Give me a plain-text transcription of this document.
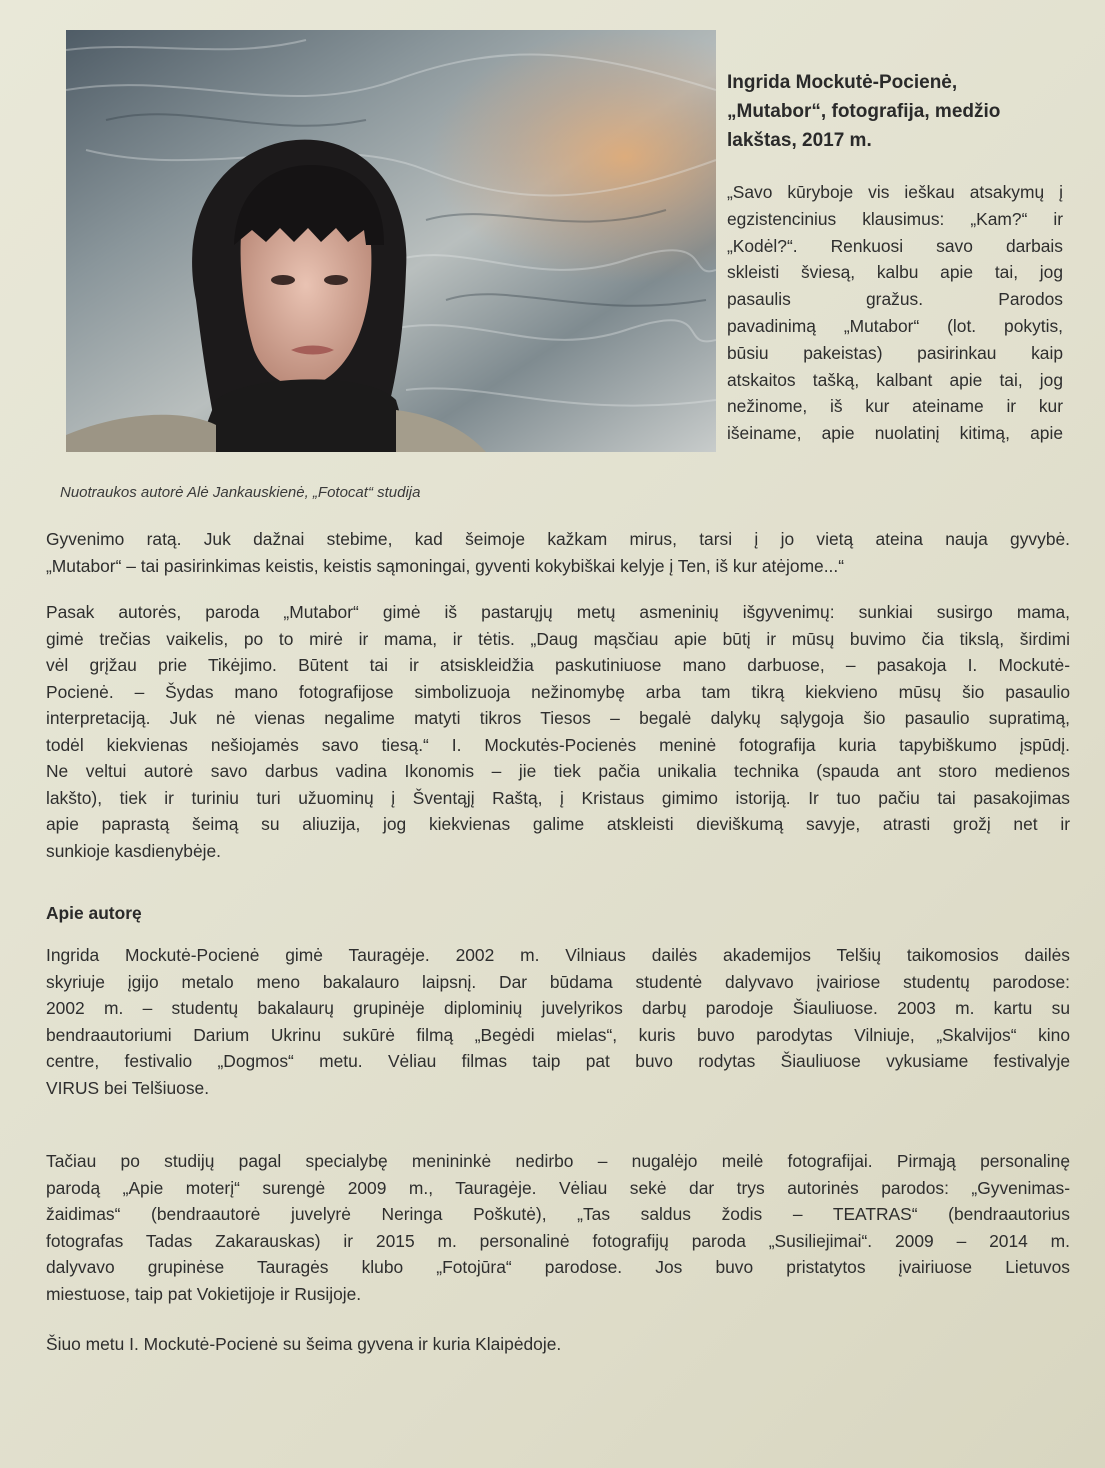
Nuotraukos autorė Alė Jankauskienė, „Fotocat“ studija
Ingrida Mockutė-Pocienė,
„Mutabor“, fotografija, medžio
lakštas, 2017 m.
„Savo kūryboje vis ieškau atsakymų į
egzistencinius klausimus: „Kam?“ ir
„Kodėl?“. Renkuosi savo darbais
skleisti šviesą, kalbu apie tai, jog
pasaulis gražus. Parodos
pavadinimą „Mutabor“ (lot. pokytis,
būsiu pakeistas) pasirinkau kaip
atskaitos tašką, kalbant apie tai, jog
nežinome, iš kur ateiname ir kur
išeiname, apie nuolatinį kitimą, apie
Gyvenimo ratą. Juk dažnai stebime, kad šeimoje kažkam mirus, tarsi į jo vietą ateina nauja gyvybė.
„Mutabor“ – tai pasirinkimas keistis, keistis sąmoningai, gyventi kokybiškai kelyje į Ten, iš kur atėjome...“
Pasak autorės, paroda „Mutabor“ gimė iš pastarųjų metų asmeninių išgyvenimų: sunkiai susirgo mama,
gimė trečias vaikelis, po to mirė ir mama, ir tėtis. „Daug mąsčiau apie būtį ir mūsų buvimo čia tikslą, širdimi
vėl grįžau prie Tikėjimo. Būtent tai ir atsiskleidžia paskutiniuose mano darbuose, – pasakoja I. Mockutė-
Pocienė. – Šydas mano fotografijose simbolizuoja nežinomybę arba tam tikrą kiekvieno mūsų šio pasaulio
interpretaciją. Juk nė vienas negalime matyti tikros Tiesos – begalė dalykų sąlygoja šio pasaulio supratimą,
todėl kiekvienas nešiojamės savo tiesą.“ I. Mockutės-Pocienės meninė fotografija kuria tapybiškumo įspūdį.
Ne veltui autorė savo darbus vadina Ikonomis – jie tiek pačia unikalia technika (spauda ant storo medienos
lakšto), tiek ir turiniu turi užuominų į Šventąjį Raštą, į Kristaus gimimo istoriją. Ir tuo pačiu tai pasakojimas
apie paprastą šeimą su aliuzija, jog kiekvienas galime atskleisti dieviškumą savyje, atrasti grožį net ir
sunkioje kasdienybėje.
Apie autorę
Ingrida Mockutė-Pocienė gimė Tauragėje. 2002 m. Vilniaus dailės akademijos Telšių taikomosios dailės
skyriuje įgijo metalo meno bakalauro laipsnį. Dar būdama studentė dalyvavo įvairiose studentų parodose:
2002 m. – studentų bakalaurų grupinėje diplominių juvelyrikos darbų parodoje Šiauliuose. 2003 m. kartu su
bendraautoriumi Darium Ukrinu sukūrė filmą „Begėdi mielas“, kuris buvo parodytas Vilniuje, „Skalvijos“ kino
centre, festivalio „Dogmos“ metu. Vėliau filmas taip pat buvo rodytas Šiauliuose vykusiame festivalyje
VIRUS bei Telšiuose.
Tačiau po studijų pagal specialybę menininkė nedirbo – nugalėjo meilė fotografijai. Pirmąją personalinę
parodą „Apie moterį“ surengė 2009 m., Tauragėje. Vėliau sekė dar trys autorinės parodos: „Gyvenimas-
žaidimas“ (bendraautorė juvelyrė Neringa Poškutė), „Tas saldus žodis – TEATRAS“ (bendraautorius
fotografas Tadas Zakarauskas) ir 2015 m. personalinė fotografijų paroda „Susiliejimai“. 2009 – 2014 m.
dalyvavo grupinėse Tauragės klubo „Fotojūra“ parodose. Jos buvo pristatytos įvairiuose Lietuvos
miestuose, taip pat Vokietijoje ir Rusijoje.
Šiuo metu I. Mockutė-Pocienė su šeima gyvena ir kuria Klaipėdoje.
